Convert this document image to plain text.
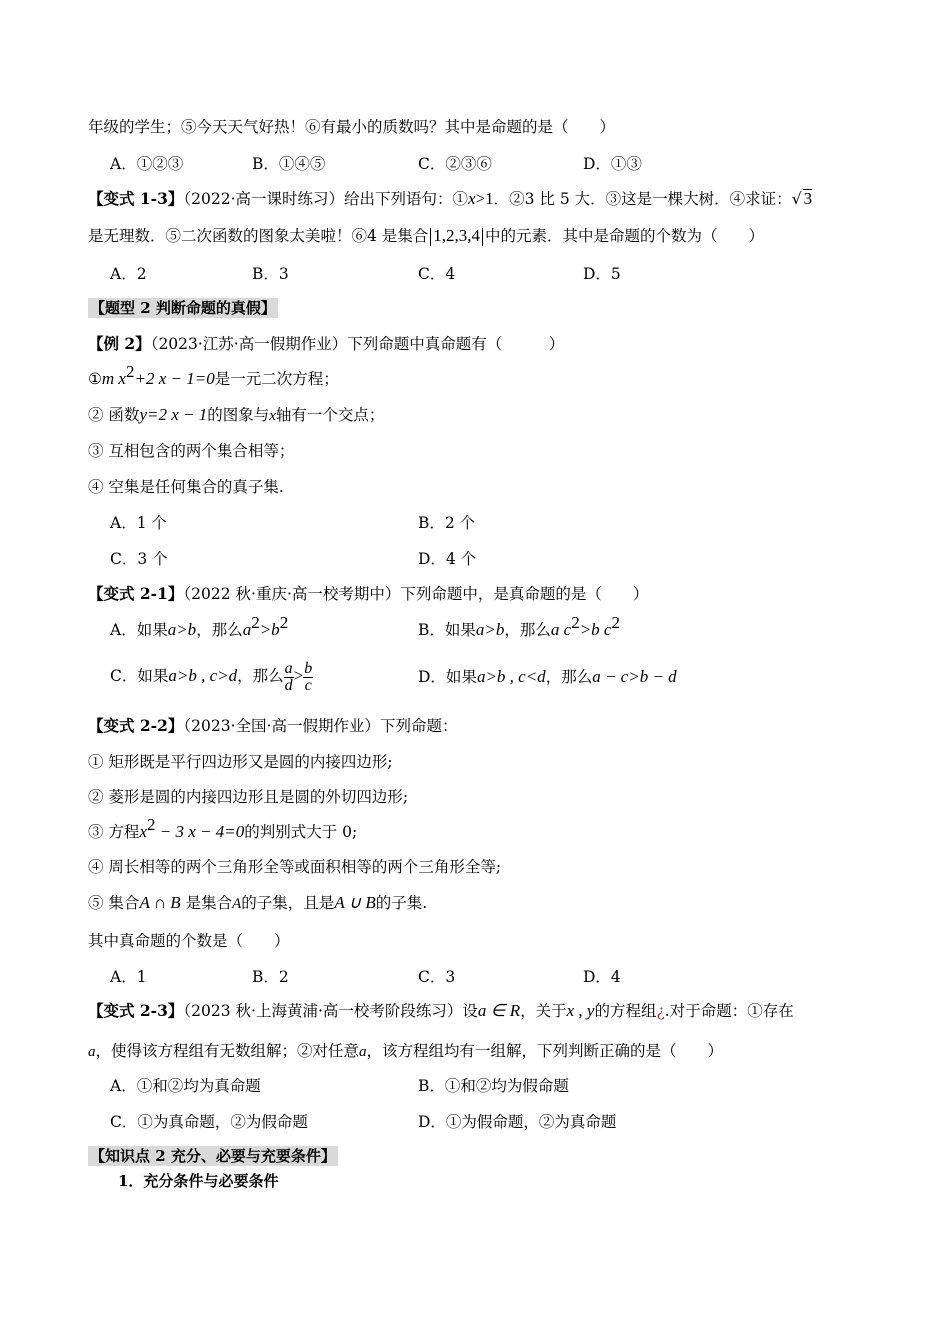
年级的学生；⑤今天天气好热！⑥有最小的质数吗？其中是命题的是（　　）
A．①②③	B．①④⑤	C．②③⑥	D．①③
【变式 1-3】（2022·高一课时练习）给出下列语句：①x>1．②3 比 5 大．③这是一棵大树．④求证：√ 3
是无理数．⑤二次函数的图象太美啦！⑥4 是集合 1,2,3,4 中的元素．其中是命题的个数为（　　）
A．2	B．3	C．4	D．5
【题型 2 判断命题的真假】
【例 2】（2023·江苏·高一假期作业）下列命题中真命题有（　　　）
①m $x^2+2$ x − 1=0是一元二次方程；
② 函数y=2 x − 1的图象与x轴有一个交点；
③ 互相包含的两个集合相等；
④ 空集是任何集合的真子集.
A．1 个	B．2 个
C．3 个	D．4 个
【变式 2-1】（2022 秋·重庆·高一校考期中）下列命题中，是真命题的是（　　）
A．如果a>b，那么$a^2>b^2$	B．如果a>b，那么a $c^2>b$ $c^2$
C．如果a>b , c>d，那么 $\frac{a}{d} > \frac{b}{c}$	D．如果a>b , c<d，那么a − c>b − d
【变式 2-2】（2023·全国·高一假期作业）下列命题：
① 矩形既是平行四边形又是圆的内接四边形;
② 菱形是圆的内接四边形且是圆的外切四边形;
③ 方程$x^2 - 3$ x − 4=0的判别式大于 0;
④ 周长相等的两个三角形全等或面积相等的两个三角形全等;
⑤ 集合A ∩ B 是集合A的子集，且是A ∪ B的子集.
其中真命题的个数是（　　）
A．1	B．2	C．3	D．4
【变式 2-3】（2023 秋·上海黄浦·高一校考阶段练习）设a ∈ R，关于x , y的方程组¿.对于命题：①存在
a，使得该方程组有无数组解；②对任意a，该方程组均有一组解，下列判断正确的是（　　）
A．①和②均为真命题	B．①和②均为假命题
C．①为真命题，②为假命题	D．①为假命题，②为真命题
【知识点 2 充分、必要与充要条件】
1．充分条件与必要条件
